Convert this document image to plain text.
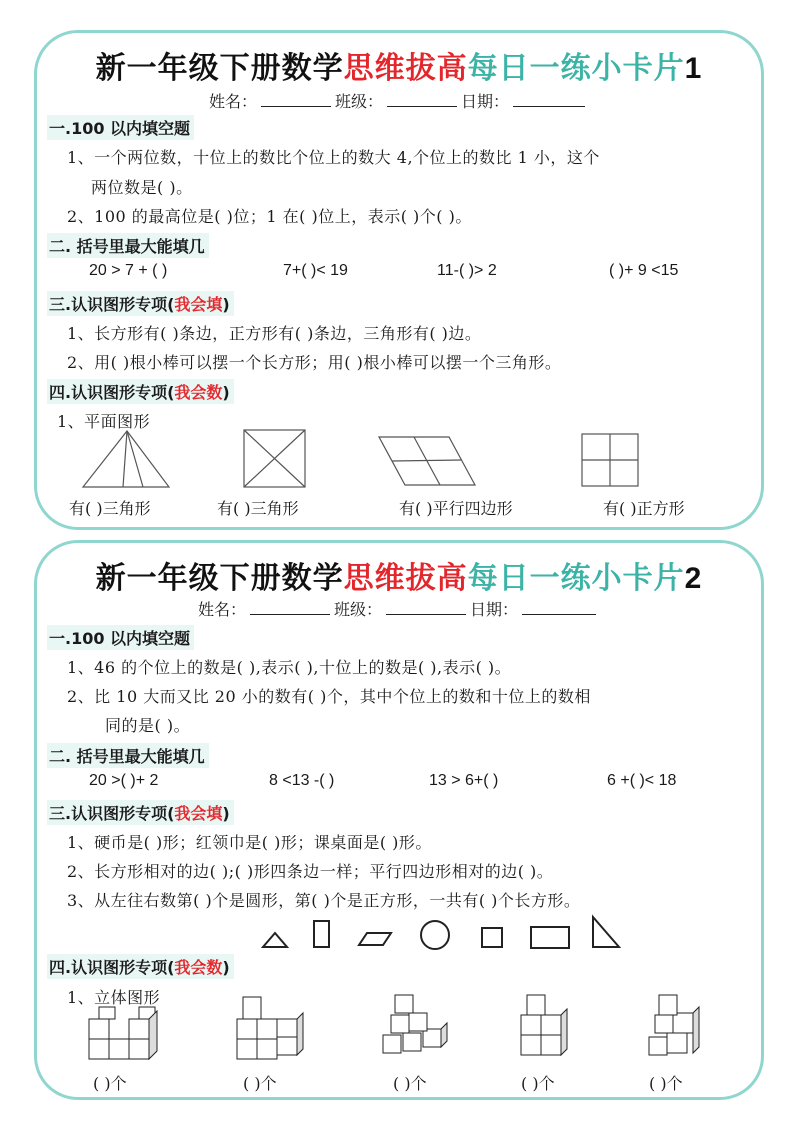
新一年级下册数学思维拔高每日一练小卡片1
姓名：	班级：	日期：
一.100 以内填空题
1、一个两位数，十位上的数比个位上的数大 4,个位上的数比 1 小，这个
两位数是( )。
2、100 的最高位是( )位；1 在( )位上，表示( )个( )。
二. 括号里最大能填几
20 > 7 + ( )	7+( )< 19	11-( )> 2	( )+ 9 <15
三.认识图形专项(我会填)
1、长方形有( )条边，正方形有( )条边，三角形有( )边。
2、用( )根小棒可以摆一个长方形；用( )根小棒可以摆一个三角形。
四.认识图形专项(我会数)
1、平面图形
有( )三角形	有( )三角形	有( )平行四边形	有( )正方形
新一年级下册数学思维拔高每日一练小卡片2
姓名：	班级：	日期：
一.100 以内填空题
1、46 的个位上的数是( ),表示( ),十位上的数是( ),表示( )。
2、比 10 大而又比 20 小的数有( )个，其中个位上的数和十位上的数相
同的是( )。
二. 括号里最大能填几
20 >( )+ 2	8 <13 -( )	13 > 6+( )	6 +( )< 18
三.认识图形专项(我会填)
1、硬币是( )形；红领巾是( )形；课桌面是( )形。
2、长方形相对的边( );( )形四条边一样；平行四边形相对的边( )。
3、从左往右数第( )个是圆形，第( )个是正方形，一共有( )个长方形。
四.认识图形专项(我会数)
1、立体图形
( )个	( )个	( )个	( )个	( )个
